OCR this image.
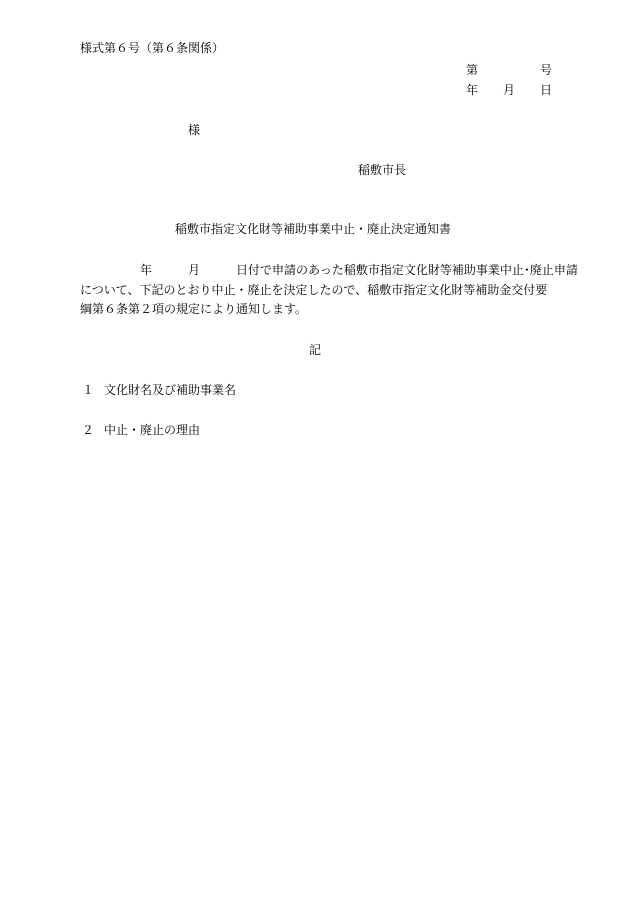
様式第６号（第６条関係）
第	号
年 月 日
様
稲敷市長
稲敷市指定文化財等補助事業中止・廃止決定通知書
　　　　　年　　　月　　　日付で申請のあった稲敷市指定文化財等補助事業中止･廃止申請
について、下記のとおり中止・廃止を決定したので、稲敷市指定文化財等補助金交付要
綱第６条第２項の規定により通知します。
記
１ 文化財名及び補助事業名
２ 中止・廃止の理由
